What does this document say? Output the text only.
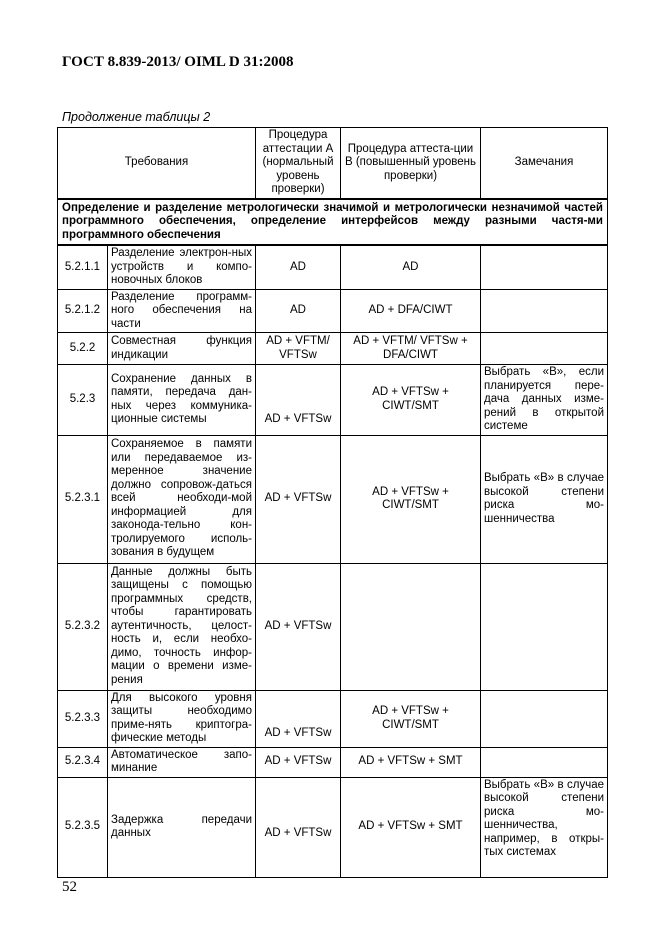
ГОСТ 8.839-2013/ OIML D 31:2008
Продолжение таблицы 2
Требования		Процедура аттестации А (нормальный уровень проверки)	Процедура аттеста-ции В (повышенный уровень проверки)	Замечания
Определение и разделение метрологически значимой и метрологически незначимой частей программного обеспечения, определение интерфейсов между разными частя-ми программного обеспечения				
5.2.1.1	Разделение электрон-ных устройств и компо-новочных блоков	AD	AD	
5.2.1.2	Разделение программ-ного обеспечения на части	AD	AD + DFA/CIWT	
5.2.2	Совместная функция индикации	AD + VFTM/ VFTSw	AD + VFTM/ VFTSw + DFA/CIWT	
5.2.3	Сохранение данных в памяти, передача дан-ных через коммуника-ционные системы	AD + VFTSw	AD + VFTSw + CIWT/SMT	Выбрать «В», если планируется пере-дача данных изме-рений в открытой системе
5.2.3.1	Сохраняемое в памяти или передаваемое из-меренное значение должно сопровож-даться всей необходи-мой информацией для законода-тельно кон-тролируемого исполь-зования в будущем	AD + VFTSw	AD + VFTSw + CIWT/SMT	Выбрать «В» в случае высокой степени риска мо-шенничества
5.2.3.2	Данные должны быть защищены с помощью программных средств, чтобы гарантировать аутентичность, целост-ность и, если необхо-димо, точность инфор-мации о времени изме-рения	AD + VFTSw		
5.2.3.3	Для высокого уровня защиты необходимо приме-нять криптогра-фические методы	AD + VFTSw	AD + VFTSw + CIWT/SMT	
5.2.3.4	Автоматическое запо-минание	AD + VFTSw	AD + VFTSw + SMT	
5.2.3.5	Задержка передачи данных	AD + VFTSw	AD + VFTSw + SMT	Выбрать «В» в случае высокой степени риска мо-шенничества, например, в откры-тых системах
52
